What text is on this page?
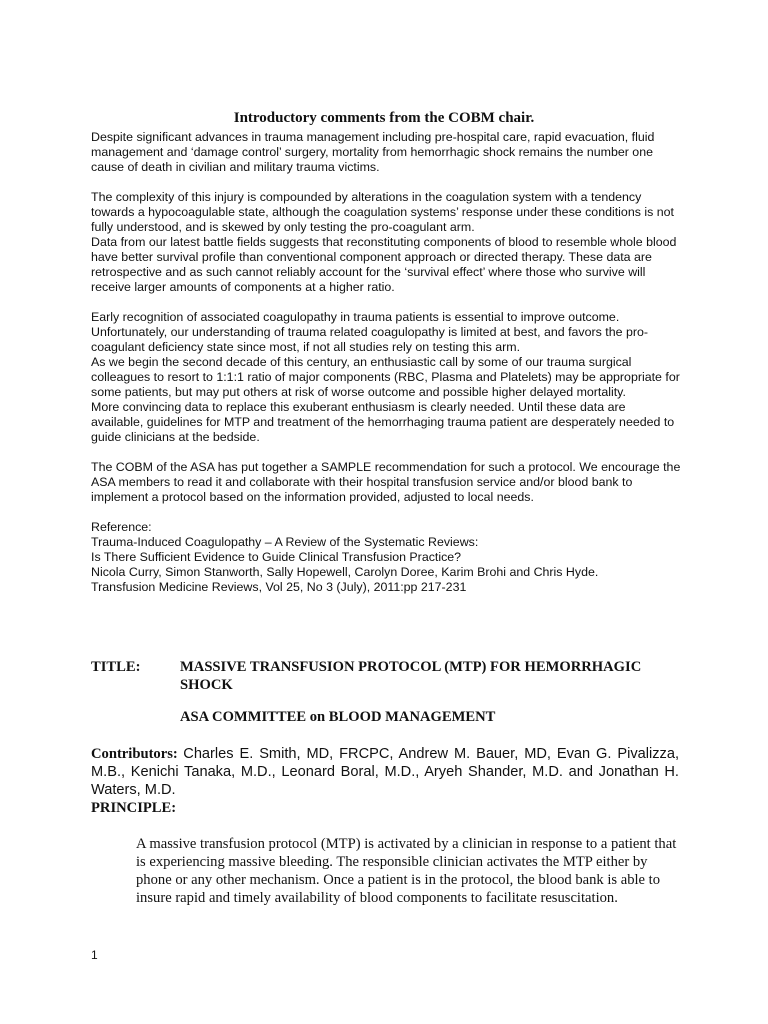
Introductory comments from the COBM chair.

Despite significant advances in trauma management including pre-hospital care, rapid evacuation, fluid management and ‘damage control’ surgery, mortality from hemorrhagic shock remains the number one cause of death in civilian and military trauma victims.

The complexity of this injury is compounded by alterations in the coagulation system with a tendency towards a hypocoagulable state, although the coagulation systems’ response under these conditions is not fully understood, and is skewed by only testing the pro-coagulant arm.

Data from our latest battle fields suggests that reconstituting components of blood to resemble whole blood have better survival profile than conventional component approach or directed therapy. These data are retrospective and as such cannot reliably account for the ‘survival effect’ where those who survive will receive larger amounts of components at a higher ratio.

Early recognition of associated coagulopathy in trauma patients is essential to improve outcome. Unfortunately, our understanding of trauma related coagulopathy is limited at best, and favors the pro-coagulant deficiency state since most, if not all studies rely on testing this arm.

As we begin the second decade of this century, an enthusiastic call by some of our trauma surgical colleagues to resort to 1:1:1 ratio of major components (RBC, Plasma and Platelets) may be appropriate for some patients, but may put others at risk of worse outcome and possible higher delayed mortality.

More convincing data to replace this exuberant enthusiasm is clearly needed. Until these data are available, guidelines for MTP and treatment of the hemorrhaging trauma patient are desperately needed to guide clinicians at the bedside.

The COBM of the ASA has put together a SAMPLE recommendation for such a protocol. We encourage the ASA members to read it and collaborate with their hospital transfusion service and/or blood bank to implement a protocol based on the information provided, adjusted to local needs.

Reference:

Trauma-Induced Coagulopathy – A Review of the Systematic Reviews:

Is There Sufficient Evidence to Guide Clinical Transfusion Practice?

Nicola Curry, Simon Stanworth, Sally Hopewell, Carolyn Doree, Karim Brohi and Chris Hyde.

Transfusion Medicine Reviews, Vol 25, No 3 (July), 2011:pp 217-231

TITLE:	MASSIVE TRANSFUSION PROTOCOL (MTP) FOR HEMORRHAGIC SHOCK
ASA COMMITTEE on BLOOD MANAGEMENT
Contributors: Charles E. Smith, MD, FRCPC, Andrew M. Bauer, MD, Evan G. Pivalizza, M.B., Kenichi Tanaka, M.D., Leonard Boral, M.D., Aryeh Shander, M.D. and Jonathan H. Waters, M.D.
PRINCIPLE:
A massive transfusion protocol (MTP) is activated by a clinician in response to a patient that is experiencing massive bleeding. The responsible clinician activates the MTP either by phone or any other mechanism. Once a patient is in the protocol, the blood bank is able to insure rapid and timely availability of blood components to facilitate resuscitation.
1
